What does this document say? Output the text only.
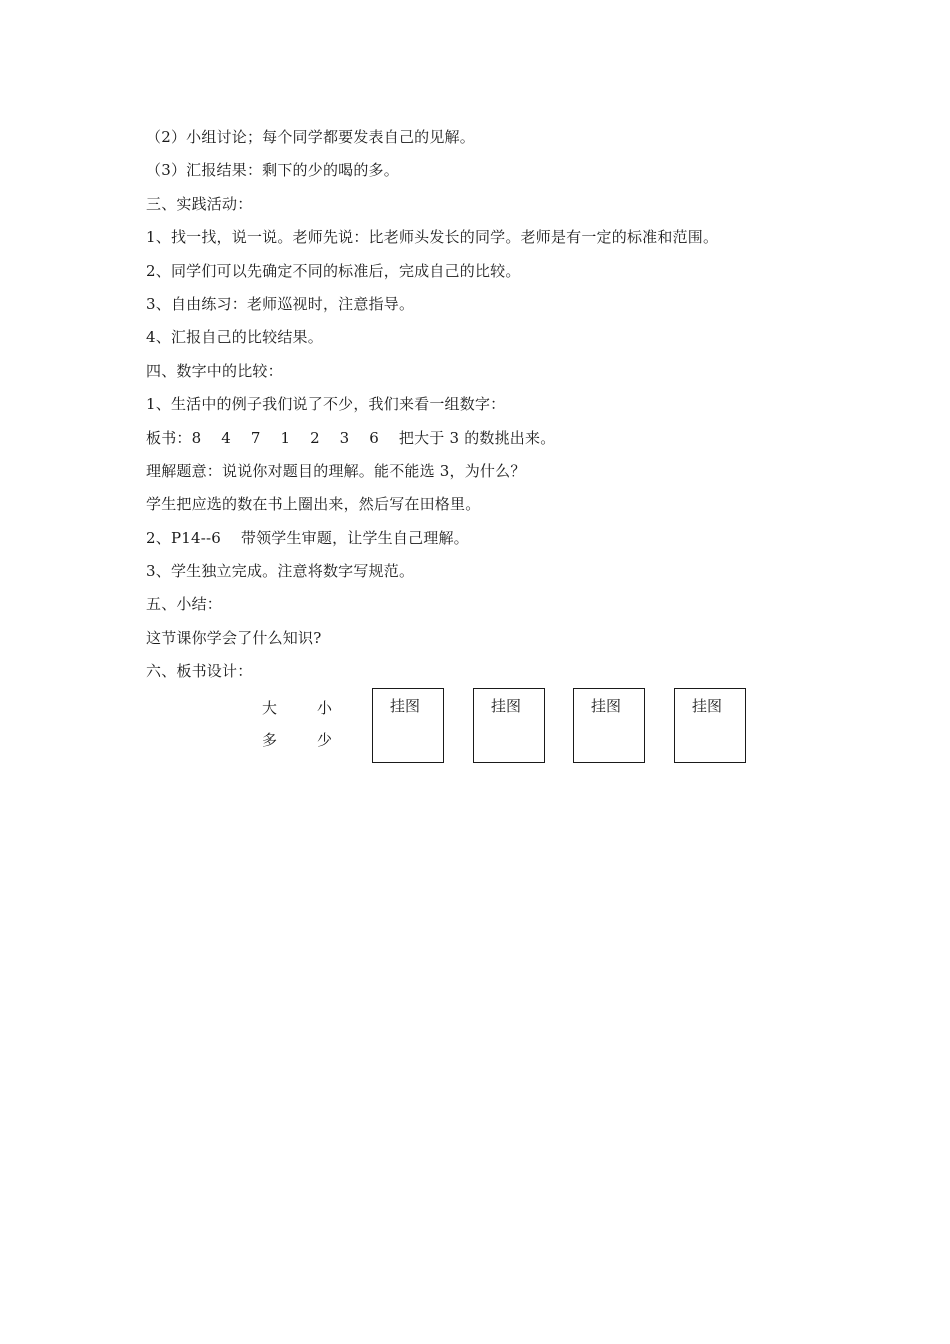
（2）小组讨论；每个同学都要发表自己的见解。
（3）汇报结果：剩下的少的喝的多。
三、实践活动：
1、找一找，说一说。老师先说：比老师头发长的同学。老师是有一定的标准和范围。
2、同学们可以先确定不同的标准后，完成自己的比较。
3、自由练习：老师巡视时，注意指导。
4、汇报自己的比较结果。
四、数字中的比较：
1、生活中的例子我们说了不少，我们来看一组数字：
板书：8    4    7    1    2    3    6    把大于 3 的数挑出来。
理解题意：说说你对题目的理解。能不能选 3，为什么？
学生把应选的数在书上圈出来，然后写在田格里。
2、P14--6    带领学生审题，让学生自己理解。
3、学生独立完成。注意将数字写规范。
五、小结：
这节课你学会了什么知识?
六、板书设计：
大	小
多	少
挂图	挂图	挂图	挂图
